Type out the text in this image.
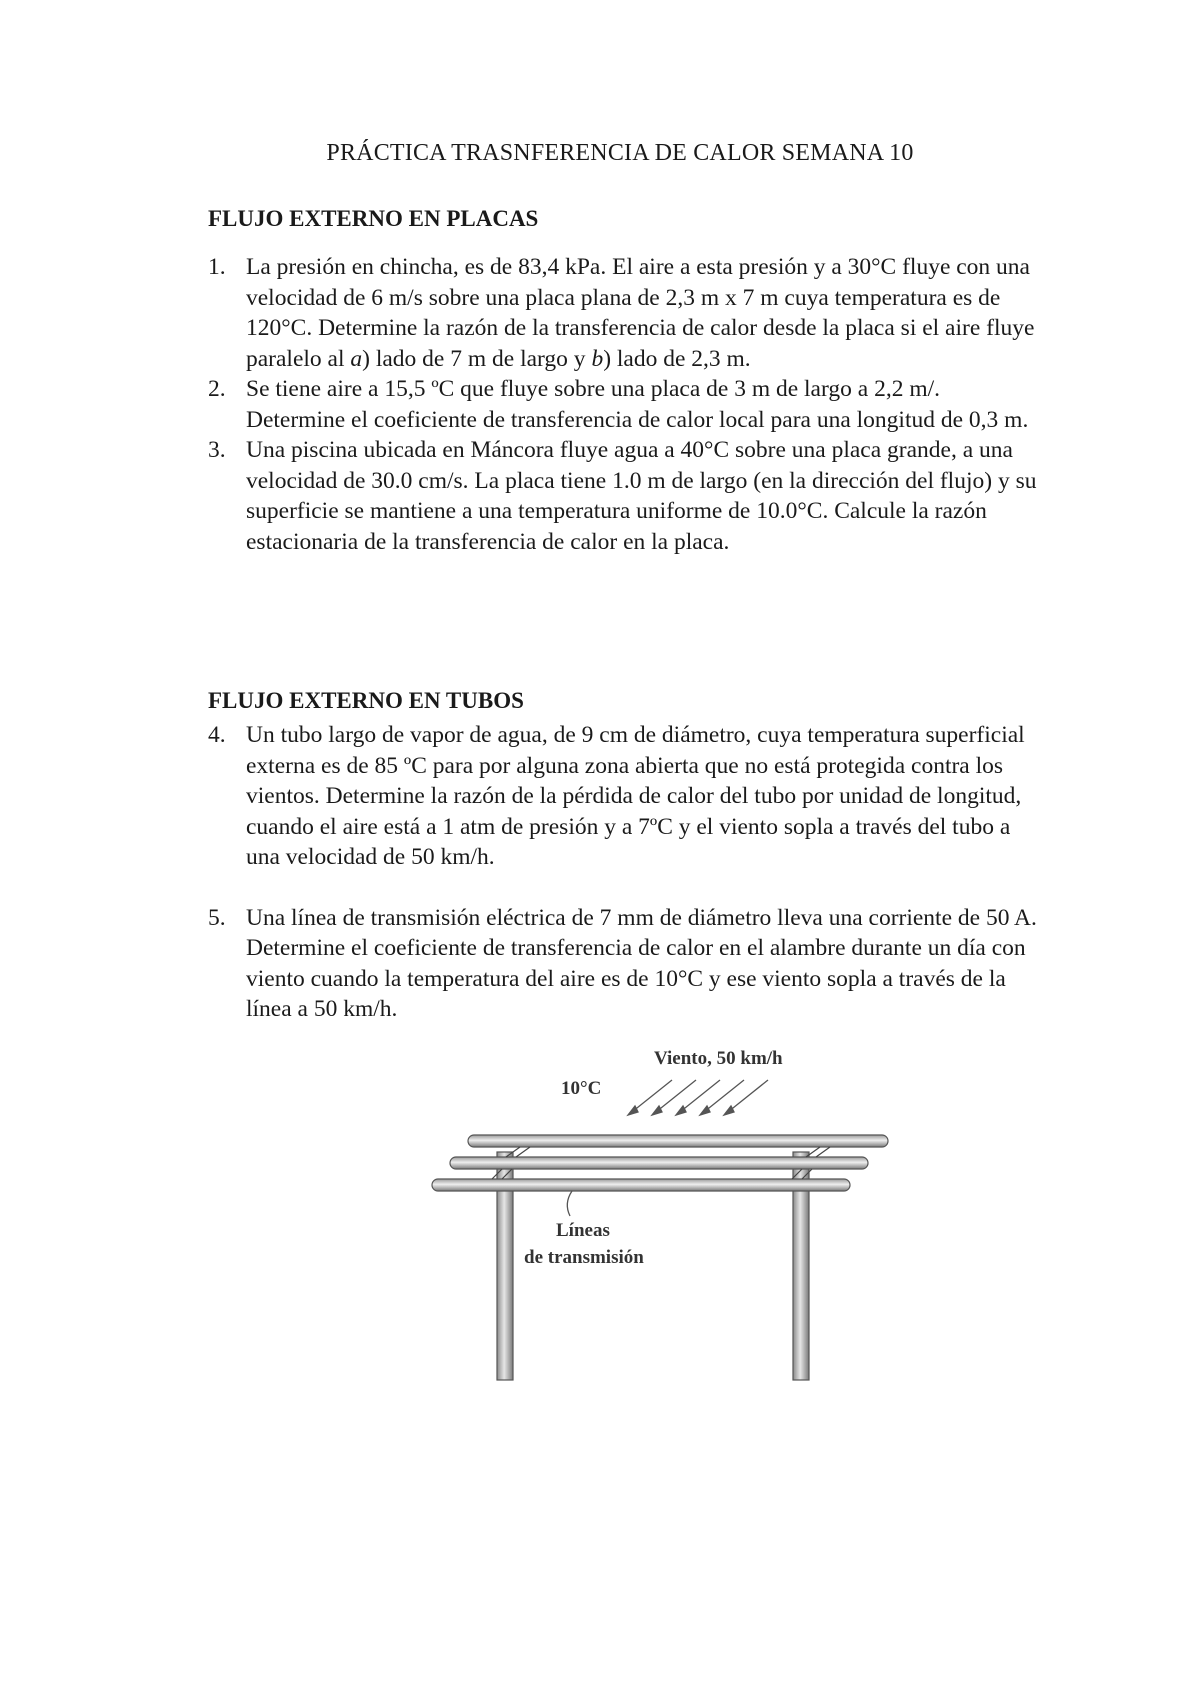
PRÁCTICA TRASNFERENCIA DE CALOR SEMANA 10
FLUJO EXTERNO EN PLACAS
1. La presión en chincha, es de 83,4 kPa. El aire a esta presión y a 30°C fluye con una velocidad de 6 m/s sobre una placa plana de 2,3 m x 7 m cuya temperatura es de 120°C. Determine la razón de la transferencia de calor desde la placa si el aire fluye paralelo al a) lado de 7 m de largo y b) lado de 2,3 m.
2. Se tiene aire a 15,5 ºC que fluye sobre una placa de 3 m de largo a 2,2 m/. Determine el coeficiente de transferencia de calor local para una longitud de 0,3 m.
3. Una piscina ubicada en Máncora fluye agua a 40°C sobre una placa grande, a una velocidad de 30.0 cm/s. La placa tiene 1.0 m de largo (en la dirección del flujo) y su superficie se mantiene a una temperatura uniforme de 10.0°C. Calcule la razón estacionaria de la transferencia de calor en la placa.
FLUJO EXTERNO EN TUBOS
4. Un tubo largo de vapor de agua, de 9 cm de diámetro, cuya temperatura superficial externa es de 85 ºC para por alguna zona abierta que no está protegida contra los vientos. Determine la razón de la pérdida de calor del tubo por unidad de longitud, cuando el aire está a 1 atm de presión y a 7ºC y el viento sopla a través del tubo a una velocidad de 50 km/h.
5. Una línea de transmisión eléctrica de 7 mm de diámetro lleva una corriente de 50 A. Determine el coeficiente de transferencia de calor en el alambre durante un día con viento cuando la temperatura del aire es de 10°C y ese viento sopla a través de la línea a 50 km/h.
Viento, 50 km/h
10°C
Líneas
de transmisión
